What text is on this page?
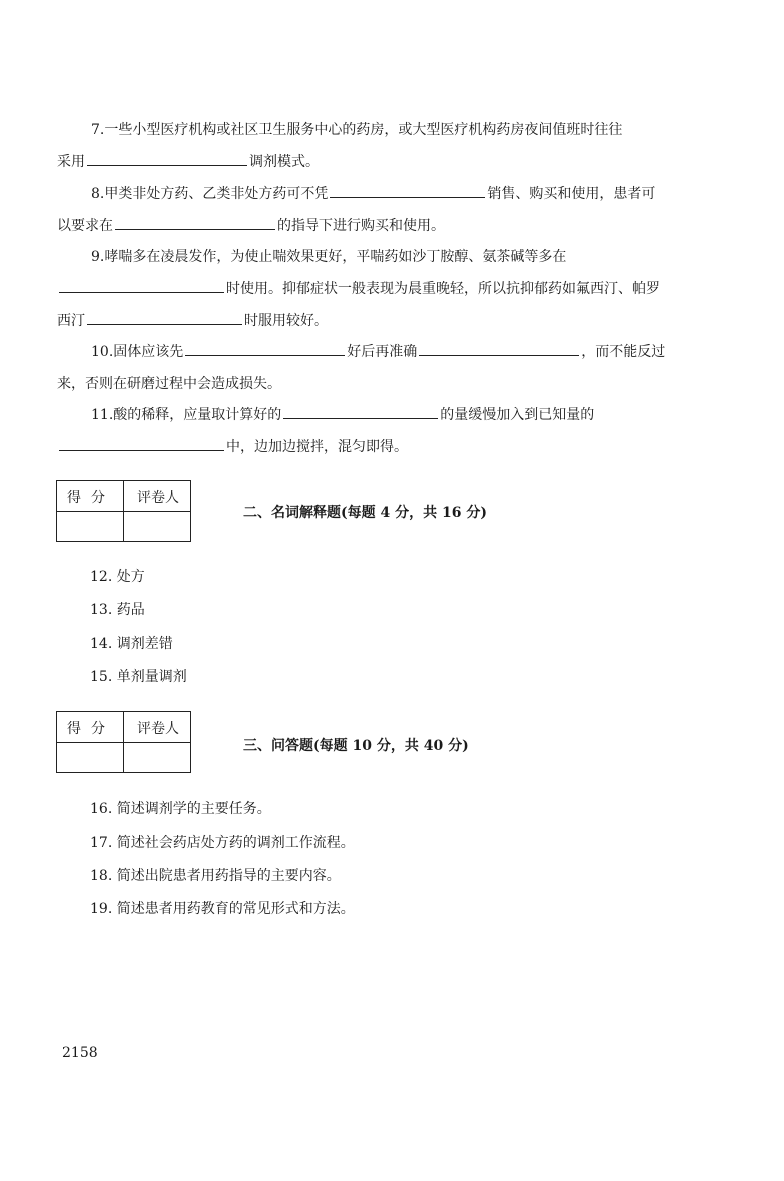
7.一些小型医疗机构或社区卫生服务中心的药房，或大型医疗机构药房夜间值班时往往
采用	调剂模式。
8.甲类非处方药、乙类非处方药可不凭	销售、购买和使用，患者可
以要求在	的指导下进行购买和使用。
9.哮喘多在凌晨发作，为使止喘效果更好，平喘药如沙丁胺醇、氨茶碱等多在
时使用。抑郁症状一般表现为晨重晚轻，所以抗抑郁药如氟西汀、帕罗
西汀	时服用较好。
10.固体应该先	好后再准确	，而不能反过
来，否则在研磨过程中会造成损失。
11.酸的稀释，应量取计算好的	的量缓慢加入到已知量的
中，边加边搅拌，混匀即得。
得分	评卷人
二、名词解释题(每题 4 分，共 16 分)
12. 处方
13. 药品
14. 调剂差错
15. 单剂量调剂
得分	评卷人
三、问答题(每题 10 分，共 40 分)
16. 简述调剂学的主要任务。
17. 简述社会药店处方药的调剂工作流程。
18. 简述出院患者用药指导的主要内容。
19. 简述患者用药教育的常见形式和方法。
2158
